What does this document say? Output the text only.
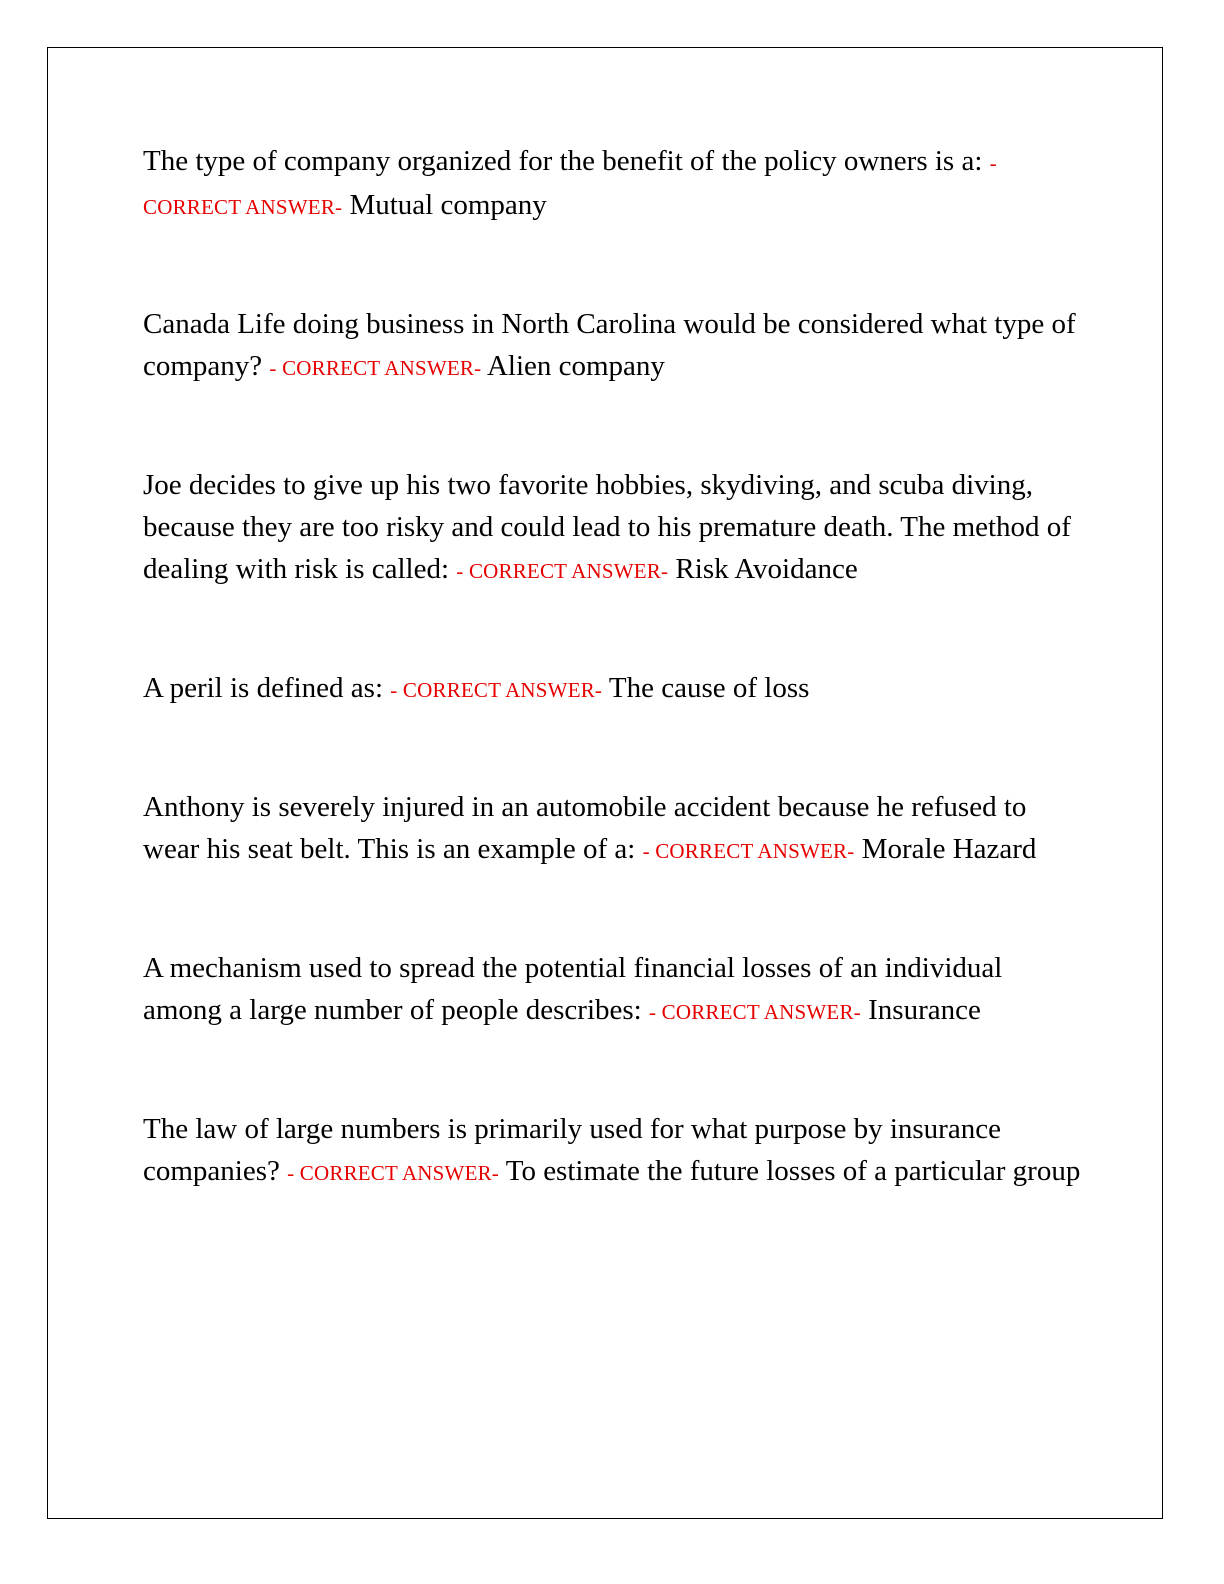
The type of company organized for the benefit of the policy owners is a: - CORRECT ANSWER- Mutual company
Canada Life doing business in North Carolina would be considered what type of company? - CORRECT ANSWER- Alien company
Joe decides to give up his two favorite hobbies, skydiving, and scuba diving, because they are too risky and could lead to his premature death. The method of dealing with risk is called: - CORRECT ANSWER- Risk Avoidance
A peril is defined as: - CORRECT ANSWER- The cause of loss
Anthony is severely injured in an automobile accident because he refused to wear his seat belt. This is an example of a: - CORRECT ANSWER- Morale Hazard
A mechanism used to spread the potential financial losses of an individual among a large number of people describes: - CORRECT ANSWER- Insurance
The law of large numbers is primarily used for what purpose by insurance companies? - CORRECT ANSWER- To estimate the future losses of a particular group
